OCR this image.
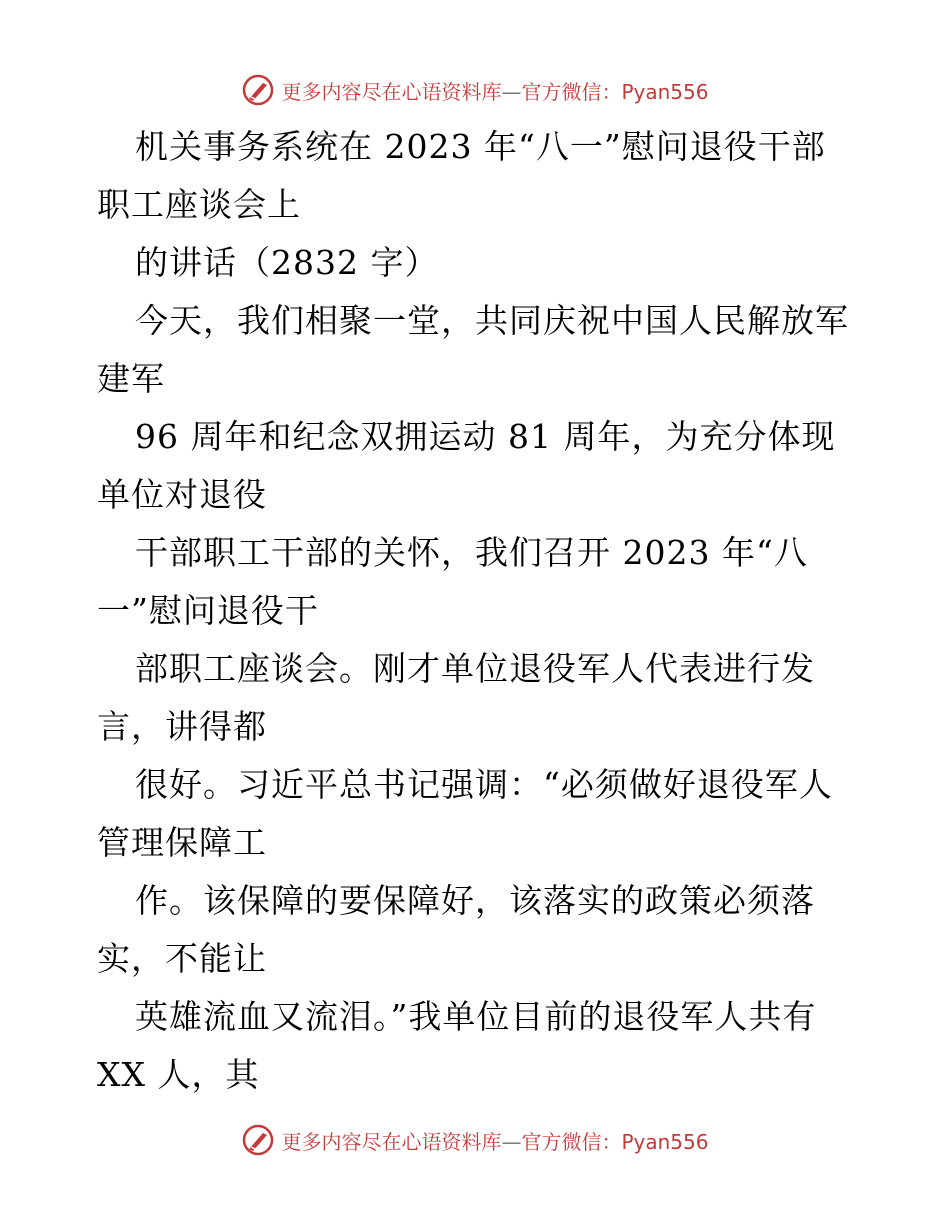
更多内容尽在心语资料库—官方微信：Pyan556
机关事务系统在 2023 年“八一”慰问退役干部
职工座谈会上
的讲话（2832 字）
今天，我们相聚一堂，共同庆祝中国人民解放军
建军
96 周年和纪念双拥运动 81 周年，为充分体现
单位对退役
干部职工干部的关怀，我们召开 2023 年“八
一”慰问退役干
部职工座谈会。刚才单位退役军人代表进行发
言，讲得都
很好。习近平总书记强调：“必须做好退役军人
管理保障工
作。该保障的要保障好，该落实的政策必须落
实，不能让
英雄流血又流泪。”我单位目前的退役军人共有
XX 人，其
更多内容尽在心语资料库—官方微信：Pyan556
